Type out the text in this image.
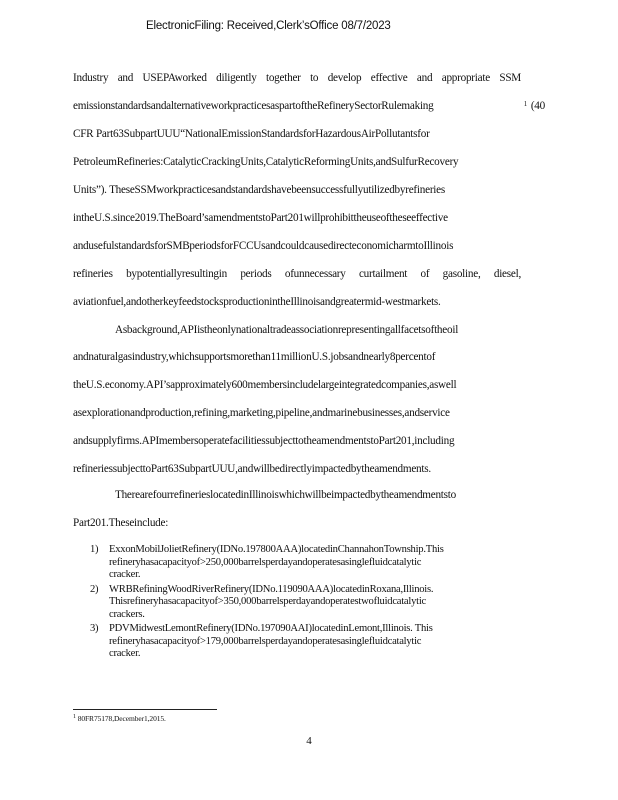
ElectronicFiling: Received,Clerk’sOffice 08/7/2023
Industry and USEPAworked diligently together to develop effective and appropriate SSM
emissionstandardsandalternativeworkpracticesaspartoftheRefinerySectorRulemaking	1 (40
CFR Part63SubpartUUU“NationalEmissionStandardsforHazardousAirPollutantsfor
PetroleumRefineries:CatalyticCrackingUnits,CatalyticReformingUnits,andSulfurRecovery
Units”). TheseSSMworkpracticesandstandardshavebeensuccessfullyutilizedbyrefineries
intheU.S.since2019.TheBoard’samendmentstoPart201willprohibittheuseoftheseeffective
andusefulstandardsforSMBperiodsforFCCUsandcouldcausedirecteconomicharmtoIllinois
refineries bypotentiallyresultingin periods ofunnecessary curtailment of gasoline, diesel,
aviationfuel,andotherkeyfeedstocksproductionintheIllinoisandgreatermid-westmarkets.
Asbackground,APIistheonlynationaltradeassociationrepresentingallfacetsoftheoil
andnaturalgasindustry,whichsupportsmorethan11millionU.S.jobsandnearly8percentof
theU.S.economy.API’sapproximately600membersincludelargeintegratedcompanies,aswell
asexplorationandproduction,refining,marketing,pipeline,andmarinebusinesses,andservice
andsupplyfirms.APImembersoperatefacilitiessubjecttotheamendmentstoPart201,including
refineriessubjecttoPart63SubpartUUU,andwillbedirectlyimpactedbytheamendments.
TherearefourrefinerieslocatedinIllinoiswhichwillbeimpactedbytheamendmentsto
Part201.Theseinclude:
1) ExxonMobilJolietRefinery(IDNo.197800AAA)locatedinChannahonTownship.This
refineryhasacapacityof>250,000barrelsperdayandoperatesasinglefluidcatalytic
cracker.
2) WRBRefiningWoodRiverRefinery(IDNo.119090AAA)locatedinRoxana,Illinois.
Thisrefineryhasacapacityof>350,000barrelsperdayandoperatestwofluidcatalytic
crackers.
3) PDVMidwestLemontRefinery(IDNo.197090AAI)locatedinLemont,Illinois. This
refineryhasacapacityof>179,000barrelsperdayandoperatesasinglefluidcatalytic
cracker.
$^1$ 80FR75178,December1,2015.
4
